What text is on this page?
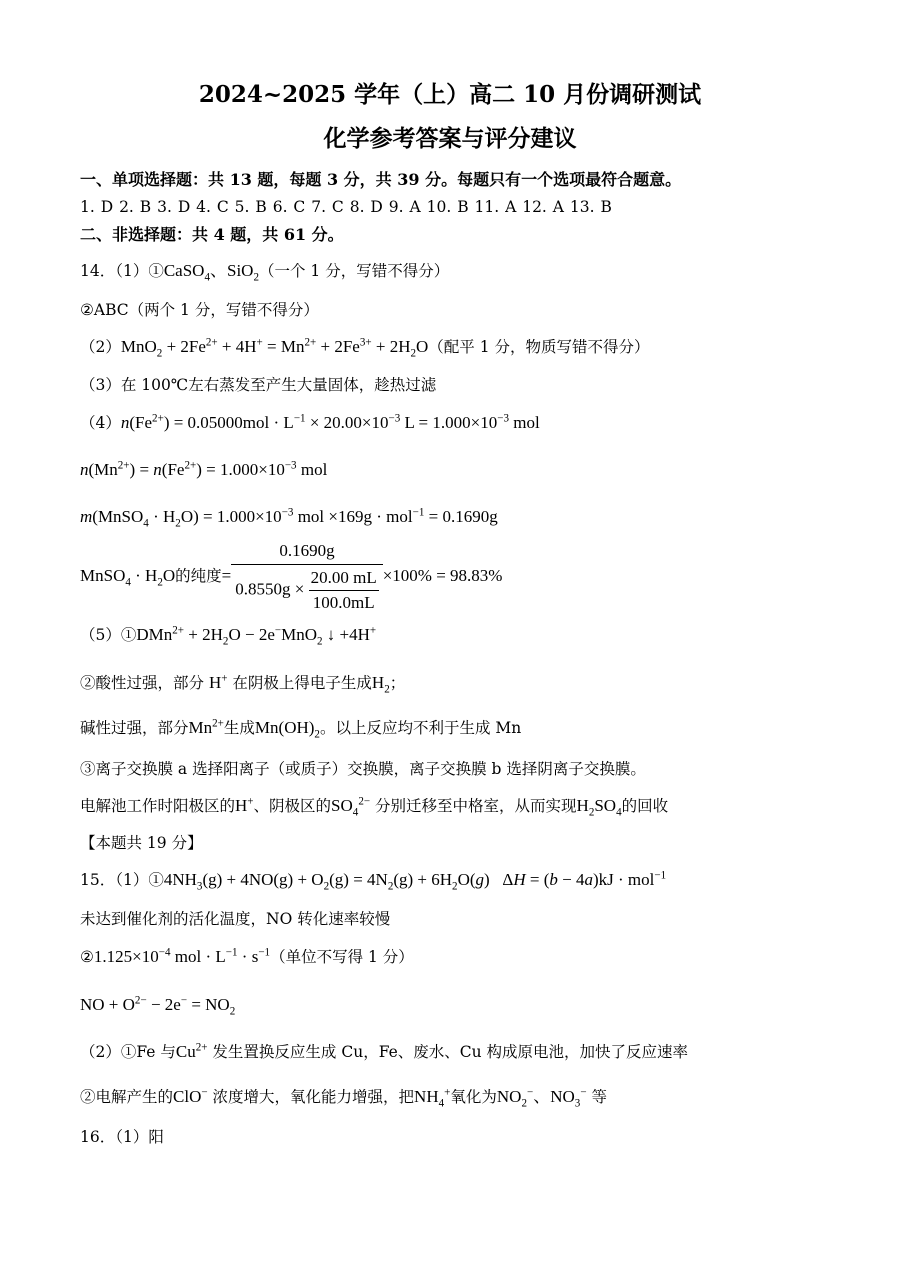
2024~2025 学年（上）高二 10 月份调研测试
化学参考答案与评分建议
一、单项选择题：共 13 题，每题 3 分，共 39 分。每题只有一个选项最符合题意。
1. D 2. B 3. D 4. C 5. B 6. C 7. C 8. D 9. A 10. B 11. A 12. A 13. B
二、非选择题：共 4 题，共 61 分。
14．（1）①CaSO$_4$、SiO$_2$（一个 1 分，写错不得分）
②ABC（两个 1 分，写错不得分）
$(2)MnO_2 + 2Fe^{2+} + 4H^+ = Mn^{2+} + 2Fe^{3+} + 2H_2O$（配平 1 分，物质写错不得分）
（3）在 100℃左右蒸发至产生大量固体，趁热过滤
$(4)n(Fe^{2+}) = 0.05000mol \cdot L^{-1} \times 20.00\times 10^{-3}$ $L = 1.000\times 10^{-3}$ mol
$n(Mn^{2+}) = n(Fe^{2+}) = 1.000\times 10^{-3}$ mol
m(MnSO$_4$ · $H_2O) = 1.000\times 10^{-3}$ mol ×169g · mol$^{-1}$ = 0.1690g
MnSO$_4$ · $H_2O$的纯度= $\frac{0.1690g}{0.8550g \times \frac{20.00 mL}{100.0mL}} \times 100\% = 98.83\%$
（5）①DMn$^{2+}$ + $2H_2O - 2e^-MnO_2$ ↓ +4H+
②酸性过强，部分 H+ 在阴极上得电子生成$H_2$；
碱性过强，部分$Mn^{2+}$生成$Mn(OH)_2$。以上反应均不利于生成 Mn
③离子交换膜 a 选择阳离子（或质子）交换膜，离子交换膜 b 选择阴离子交换膜。
电解池工作时阳极区的H+、阴极区的$SO_4^{2-}$ 分别迁移至中格室，从而实现$H_2SO_4$的回收
【本题共 19 分】
15．$(1)①4NH_3(g) + 4NO(g) + O_2(g) = 4N_2(g) + 6H_2O(g) \Delta H = (b - 4a)kJ \cdot mol^{-1}$
未达到催化剂的活化温度，NO 转化速率较慢
$②1.125\times 10^{-4}$ mol · $L^{-1} \cdot s^{-1}$（单位不写得 1 分）
NO + $O^{2-} - 2e^- = NO_2$
（2）①Fe 与$Cu^{2+}$ 发生置换反应生成 Cu，Fe、废水、Cu 构成原电池，加快了反应速率
②电解产生的ClO− 浓度增大，氧化能力增强，把$NH_4^+$氧化为$NO_2^-$、$NO_3^-$ 等
16．（1）阳
